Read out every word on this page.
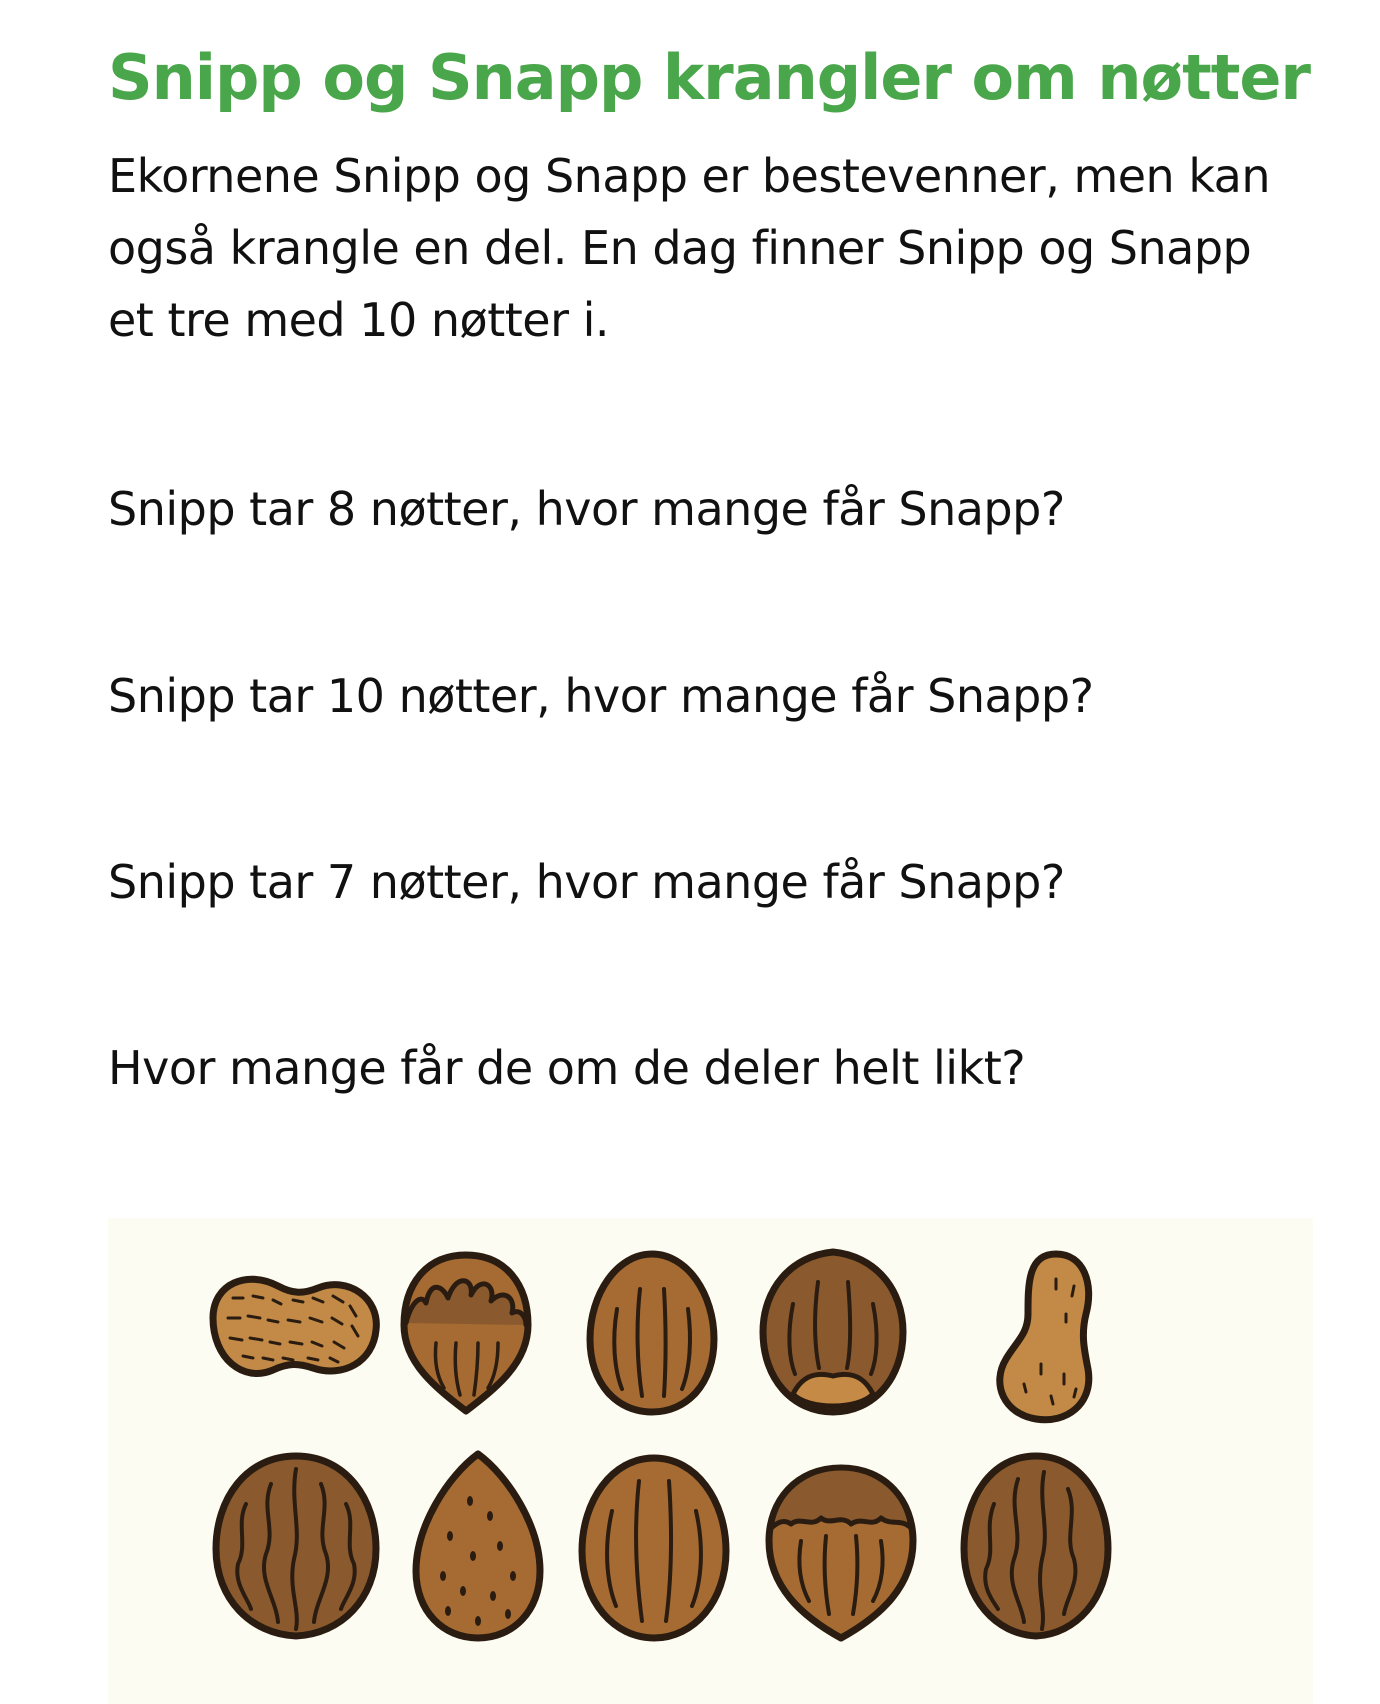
Snipp og Snapp krangler om nøtter

Ekornene Snipp og Snapp er bestevenner, men kan også krangle en del. En dag finner Snipp og Snapp et tre med 10 nøtter i.

Snipp tar 8 nøtter, hvor mange får Snapp?

Snipp tar 10 nøtter, hvor mange får Snapp?

Snipp tar 7 nøtter, hvor mange får Snapp?

Hvor mange får de om de deler helt likt?
